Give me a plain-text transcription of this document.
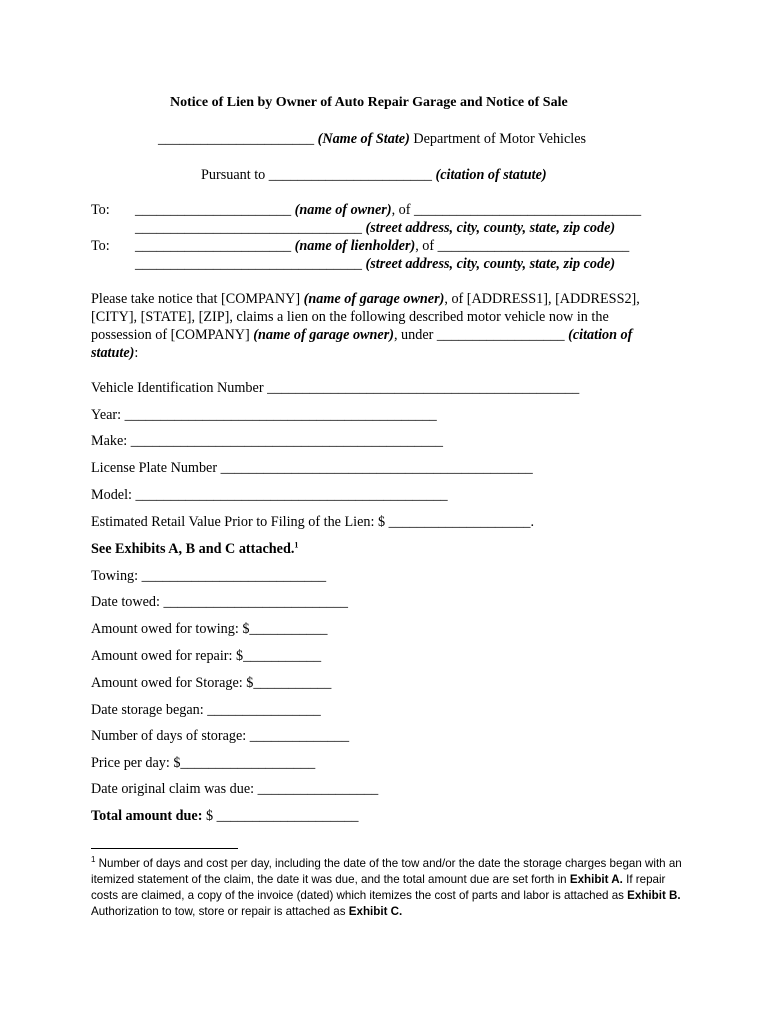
Notice of Lien by Owner of Auto Repair Garage and Notice of Sale
______________________ (Name of State) Department of Motor Vehicles
Pursuant to _______________________ (citation of statute)
To: ______________________ (name of owner), of ________________________________
________________________________ (street address, city, county, state, zip code)
To: ______________________ (name of lienholder), of ___________________________
________________________________ (street address, city, county, state, zip code)
Please take notice that [COMPANY] (name of garage owner), of [ADDRESS1], [ADDRESS2],
[CITY], [STATE], [ZIP], claims a lien on the following described motor vehicle now in the
possession of [COMPANY] (name of garage owner), under __________________ (citation of
statute):
Vehicle Identification Number ____________________________________________
Year: ____________________________________________
Make: ____________________________________________
License Plate Number ____________________________________________
Model: ____________________________________________
Estimated Retail Value Prior to Filing of the Lien: $ ____________________.
See Exhibits A, B and C attached.$^1$
Towing: __________________________
Date towed: __________________________
Amount owed for towing: $___________
Amount owed for repair: $___________
Amount owed for Storage: $___________
Date storage began: ________________
Number of days of storage: ______________
Price per day: $___________________
Date original claim was due: _________________
Total amount due: $ ____________________
$^1$ Number of days and cost per day, including the date of the tow and/or the date the storage charges began with an itemized statement of the claim, the date it was due, and the total amount due are set forth in Exhibit A. If repair costs are claimed, a copy of the invoice (dated) which itemizes the cost of parts and labor is attached as Exhibit B. Authorization to tow, store or repair is attached as Exhibit C.
